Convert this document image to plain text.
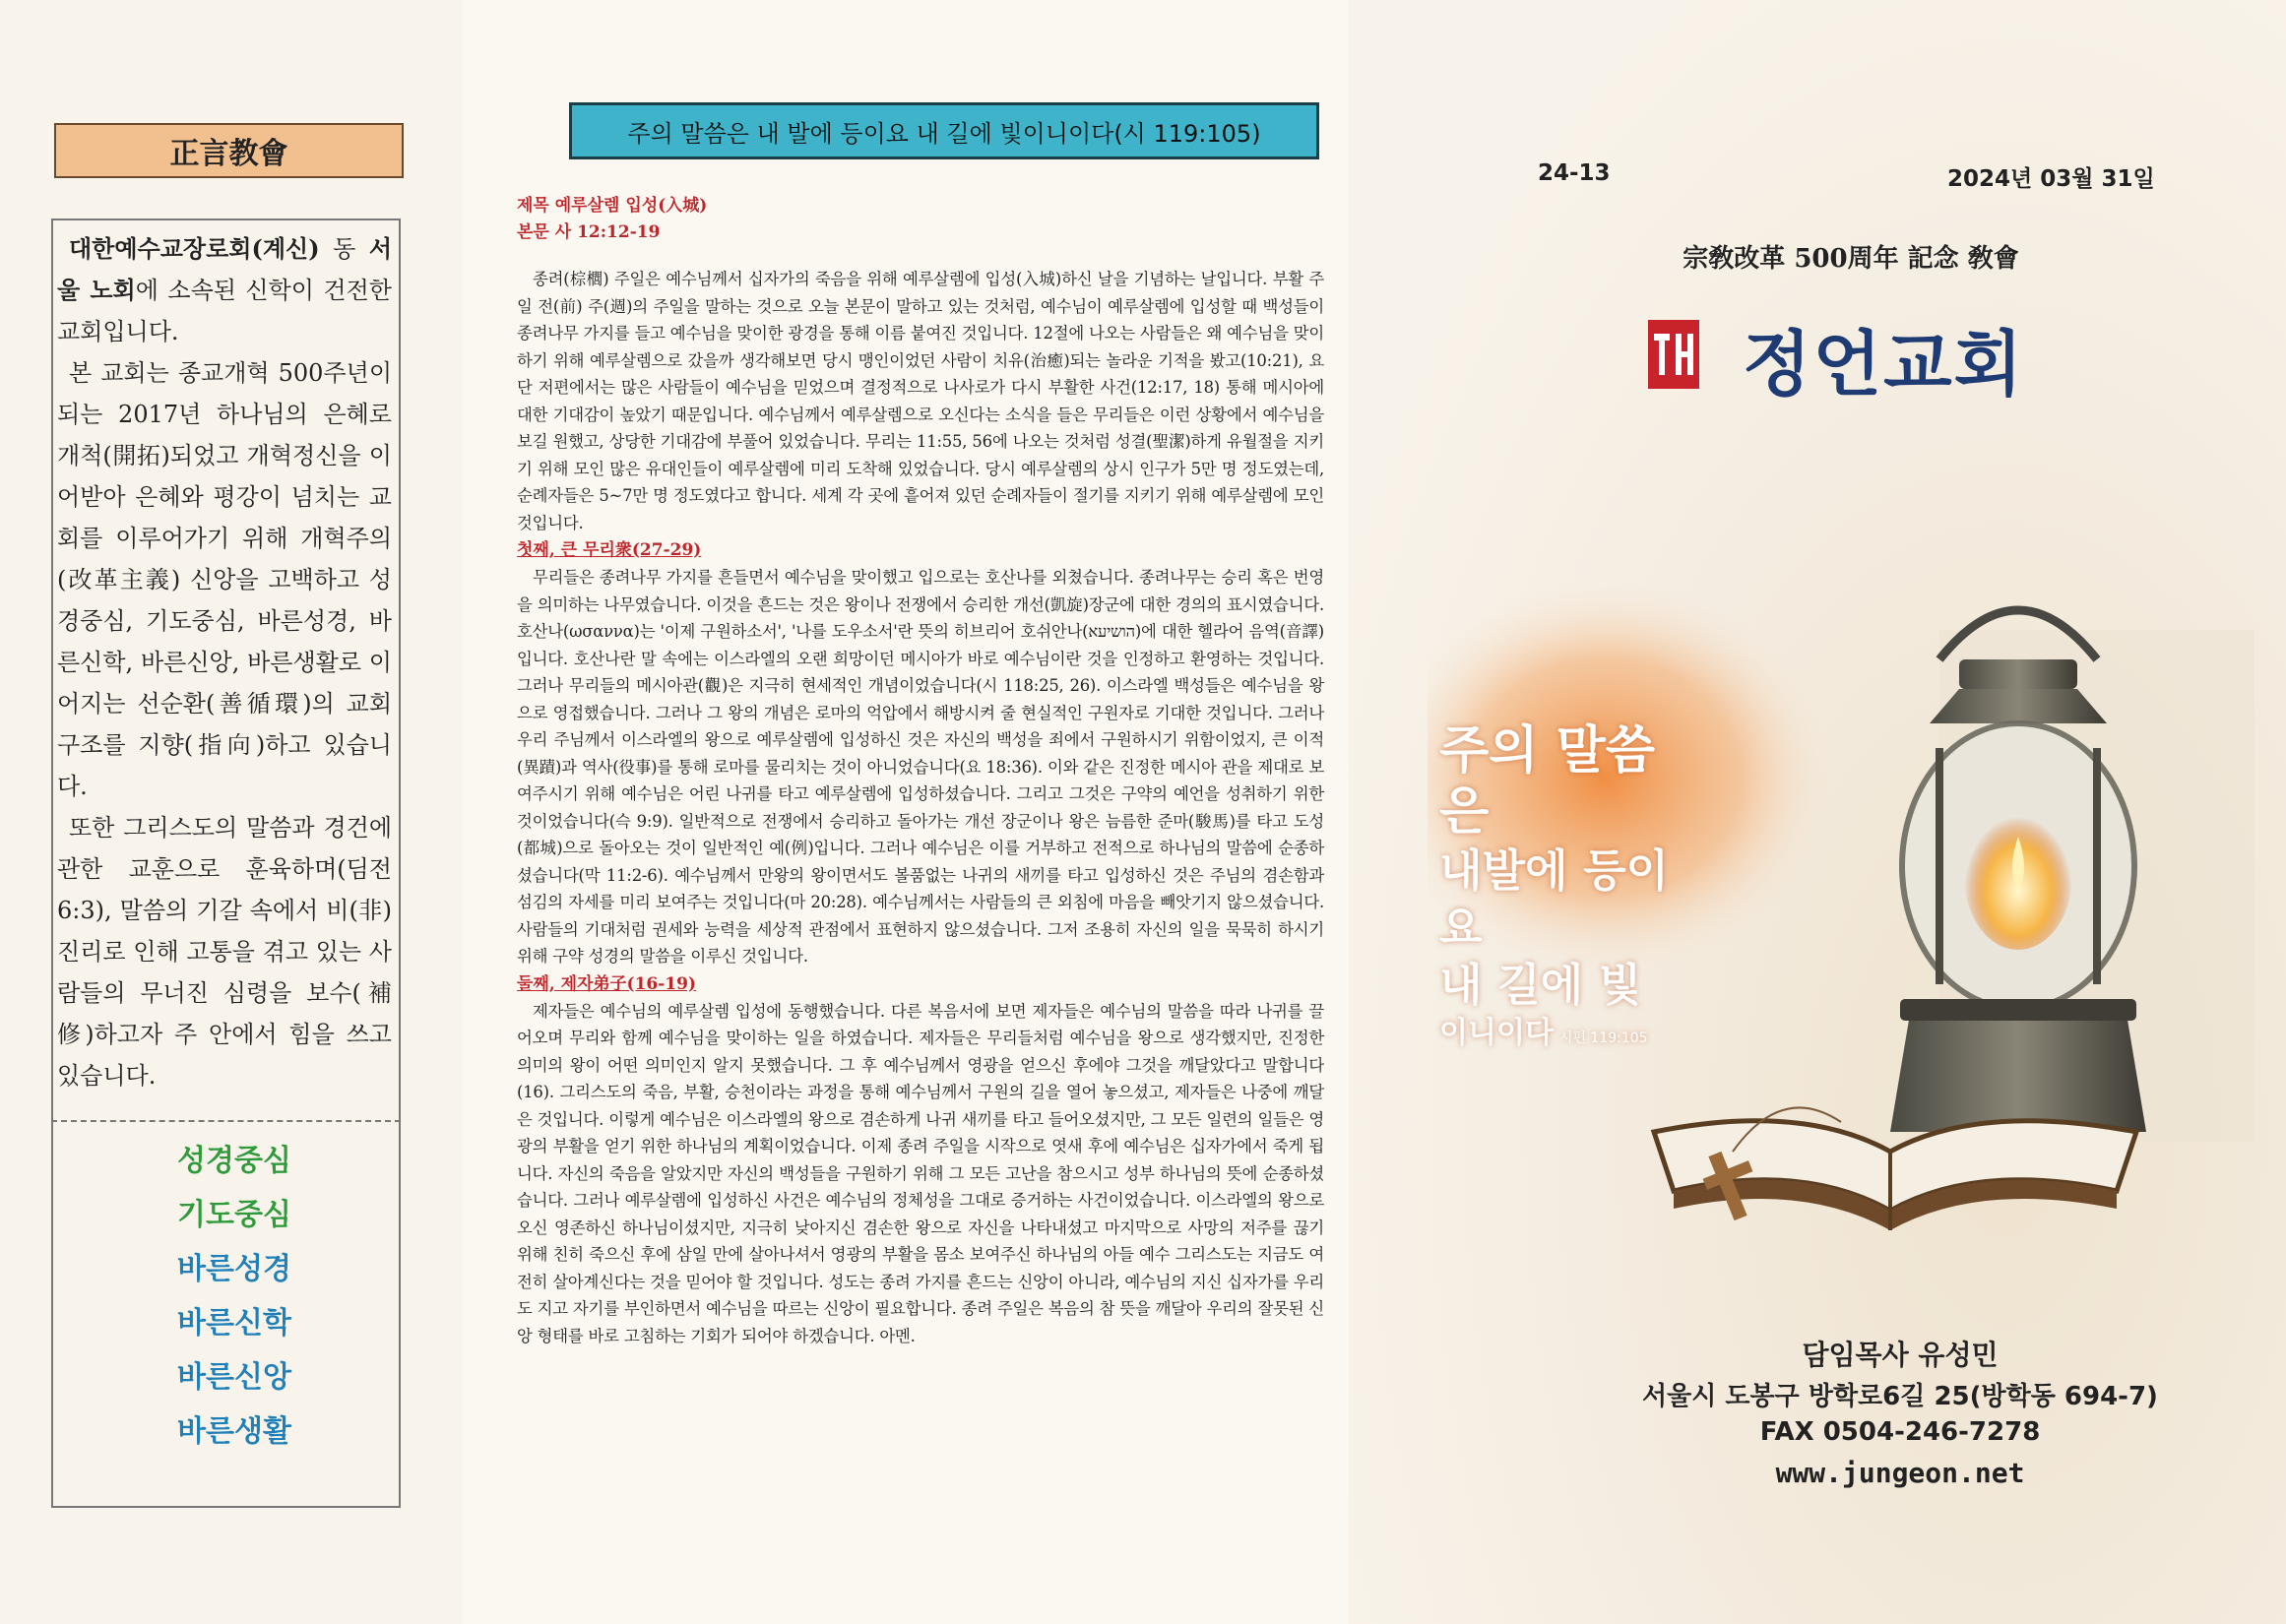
正言教會

대한예수교장로회(계신) 동 서울 노회에 소속된 신학이 건전한 교회입니다.

본 교회는 종교개혁 500주년이 되는 2017년 하나님의 은혜로 개척(開拓)되었고 개혁정신을 이어받아 은혜와 평강이 넘치는 교회를 이루어가기 위해 개혁주의(改革主義) 신앙을 고백하고 성경중심, 기도중심, 바른성경, 바른신학, 바른신앙, 바른생활로 이어지는 선순환(善循環)의 교회 구조를 지향(指向)하고 있습니다.

또한 그리스도의 말씀과 경건에 관한 교훈으로 훈육하며(딤전 6:3), 말씀의 기갈 속에서 비(非) 진리로 인해 고통을 겪고 있는 사람들의 무너진 심령을 보수(補修)하고자 주 안에서 힘을 쓰고 있습니다.

성경중심
기도중심
바른성경
바른신학
바른신앙
바른생활
주의 말씀은 내 발에 등이요 내 길에 빛이니이다(시 119:105)
제목 예루살렘 입성(入城)
본문 사 12:12-19

종려(棕櫚) 주일은 예수님께서 십자가의 죽음을 위해 예루살렘에 입성(入城)하신 날을 기념하는 날입니다. 부활 주일 전(前) 주(週)의 주일을 말하는 것으로 오늘 본문이 말하고 있는 것처럼, 예수님이 예루살렘에 입성할 때 백성들이 종려나무 가지를 들고 예수님을 맞이한 광경을 통해 이름 붙여진 것입니다. 12절에 나오는 사람들은 왜 예수님을 맞이하기 위해 예루살렘으로 갔을까 생각해보면 당시 맹인이었던 사람이 치유(治癒)되는 놀라운 기적을 봤고(10:21), 요단 저편에서는 많은 사람들이 예수님을 믿었으며 결정적으로 나사로가 다시 부활한 사건(12:17, 18) 통해 메시아에 대한 기대감이 높았기 때문입니다. 예수님께서 예루살렘으로 오신다는 소식을 들은 무리들은 이런 상황에서 예수님을 보길 원했고, 상당한 기대감에 부풀어 있었습니다. 무리는 11:55, 56에 나오는 것처럼 성결(聖潔)하게 유월절을 지키기 위해 모인 많은 유대인들이 예루살렘에 미리 도착해 있었습니다. 당시 예루살렘의 상시 인구가 5만 명 정도였는데, 순례자들은 5~7만 명 정도였다고 합니다. 세계 각 곳에 흩어져 있던 순례자들이 절기를 지키기 위해 예루살렘에 모인 것입니다.

첫째, 큰 무리衆(27-29)

무리들은 종려나무 가지를 흔들면서 예수님을 맞이했고 입으로는 호산나를 외쳤습니다. 종려나무는 승리 혹은 번영을 의미하는 나무였습니다. 이것을 흔드는 것은 왕이나 전쟁에서 승리한 개선(凱旋)장군에 대한 경의의 표시였습니다. 호산나(ωσαννα)는 '이제 구원하소서', '나를 도우소서'란 뜻의 히브리어 호쉬안나(הושיעא)에 대한 헬라어 음역(音譯)입니다. 호산나란 말 속에는 이스라엘의 오랜 희망이던 메시아가 바로 예수님이란 것을 인정하고 환영하는 것입니다. 그러나 무리들의 메시아관(觀)은 지극히 현세적인 개념이었습니다(시 118:25, 26). 이스라엘 백성들은 예수님을 왕으로 영접했습니다. 그러나 그 왕의 개념은 로마의 억압에서 해방시켜 줄 현실적인 구원자로 기대한 것입니다. 그러나 우리 주님께서 이스라엘의 왕으로 예루살렘에 입성하신 것은 자신의 백성을 죄에서 구원하시기 위함이었지, 큰 이적(異蹟)과 역사(役事)를 통해 로마를 물리치는 것이 아니었습니다(요 18:36). 이와 같은 진정한 메시아 관을 제대로 보여주시기 위해 예수님은 어린 나귀를 타고 예루살렘에 입성하셨습니다. 그리고 그것은 구약의 예언을 성취하기 위한 것이었습니다(슥 9:9). 일반적으로 전쟁에서 승리하고 돌아가는 개선 장군이나 왕은 늠름한 준마(駿馬)를 타고 도성(都城)으로 돌아오는 것이 일반적인 예(例)입니다. 그러나 예수님은 이를 거부하고 전적으로 하나님의 말씀에 순종하셨습니다(막 11:2-6). 예수님께서 만왕의 왕이면서도 볼품없는 나귀의 새끼를 타고 입성하신 것은 주님의 겸손함과 섬김의 자세를 미리 보여주는 것입니다(마 20:28). 예수님께서는 사람들의 큰 외침에 마음을 빼앗기지 않으셨습니다. 사람들의 기대처럼 권세와 능력을 세상적 관점에서 표현하지 않으셨습니다. 그저 조용히 자신의 일을 묵묵히 하시기 위해 구약 성경의 말씀을 이루신 것입니다.

둘째, 제자弟子(16-19)

제자들은 예수님의 예루살렘 입성에 동행했습니다. 다른 복음서에 보면 제자들은 예수님의 말씀을 따라 나귀를 끌어오며 무리와 함께 예수님을 맞이하는 일을 하였습니다. 제자들은 무리들처럼 예수님을 왕으로 생각했지만, 진정한 의미의 왕이 어떤 의미인지 알지 못했습니다. 그 후 예수님께서 영광을 얻으신 후에야 그것을 깨달았다고 말합니다(16). 그리스도의 죽음, 부활, 승천이라는 과정을 통해 예수님께서 구원의 길을 열어 놓으셨고, 제자들은 나중에 깨달은 것입니다. 이렇게 예수님은 이스라엘의 왕으로 겸손하게 나귀 새끼를 타고 들어오셨지만, 그 모든 일련의 일들은 영광의 부활을 얻기 위한 하나님의 계획이었습니다. 이제 종려 주일을 시작으로 엿새 후에 예수님은 십자가에서 죽게 됩니다. 자신의 죽음을 알았지만 자신의 백성들을 구원하기 위해 그 모든 고난을 참으시고 성부 하나님의 뜻에 순종하셨습니다. 그러나 예루살렘에 입성하신 사건은 예수님의 정체성을 그대로 증거하는 사건이었습니다. 이스라엘의 왕으로 오신 영존하신 하나님이셨지만, 지극히 낮아지신 겸손한 왕으로 자신을 나타내셨고 마지막으로 사망의 저주를 끊기 위해 친히 죽으신 후에 삼일 만에 살아나셔서 영광의 부활을 몸소 보여주신 하나님의 아들 예수 그리스도는 지금도 여전히 살아계신다는 것을 믿어야 할 것입니다. 성도는 종려 가지를 흔드는 신앙이 아니라, 예수님의 지신 십자가를 우리도 지고 자기를 부인하면서 예수님을 따르는 신앙이 필요합니다. 종려 주일은 복음의 참 뜻을 깨달아 우리의 잘못된 신앙 형태를 바로 고침하는 기회가 되어야 하겠습니다. 아멘.

24-13	2024년 03월 31일
宗敎改革 500周年 記念 敎會
정언교회
주의 말씀은
내발에 등이요
내 길에 빛
이니이다 시편 119:105
담임목사 유성민
서울시 도봉구 방학로6길 25(방학동 694-7)
FAX 0504-246-7278
www.jungeon.net
